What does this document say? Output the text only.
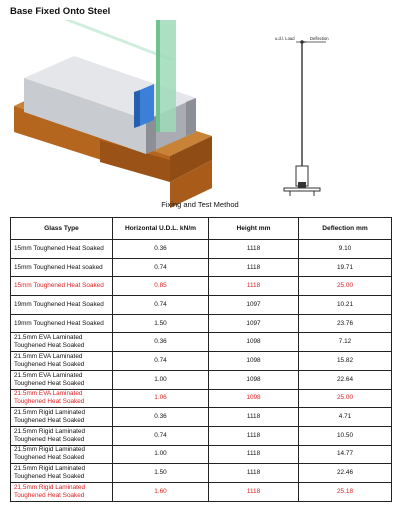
Base Fixed Onto Steel
u.d.l. Load	Deflection
Fixing and Test Method
Glass Type	Horizontal U.D.L. kN/m	Height mm	Deflection mm
15mm Toughened Heat Soaked	0.36	1118	9.10
15mm Toughened Heat soaked	0.74	1118	19.71
15mm Toughened Heat Soaked	0.85	1118	25.00
19mm Toughened Heat Soaked	0.74	1097	10.21
19mm Toughened Heat Soaked	1.50	1097	23.76
21.5mm EVA Laminated Toughened Heat Soaked	0.36	1098	7.12
21.5mm EVA Laminated Toughened Heat Soaked	0.74	1098	15.82
21.5mm EVA Laminated Toughened Heat Soaked	1.00	1098	22.64
21.5mm EVA Laminated Toughened Heat Soaked	1.06	1098	25.00
21.5mm Rigid Laminated Toughened Heat Soaked	0.36	1118	4.71
21.5mm Rigid Laminated Toughened Heat Soaked	0.74	1118	10.50
21.5mm Rigid Laminated Toughened Heat Soaked	1.00	1118	14.77
21.5mm Rigid Laminated Toughened Heat Soaked	1.50	1118	22.46
21.5mm Rigid Laminated Toughened Heat Soaked	1.60	1118	25.18
